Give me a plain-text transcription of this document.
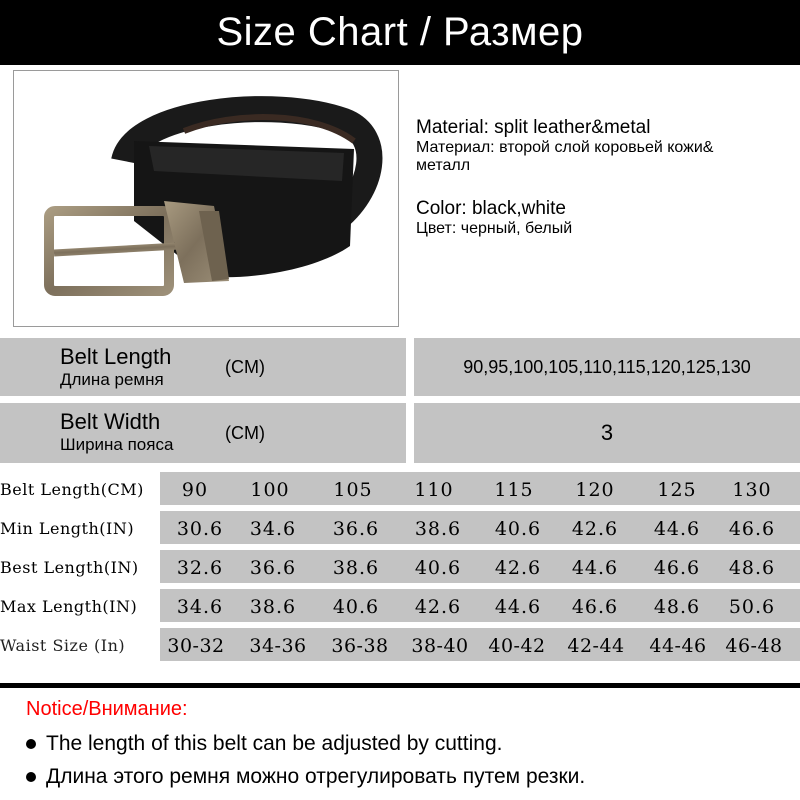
Size Chart / Размер
Material: split leather&metal
Материал: второй слой коровьей кожи&
металл
Color: black,white
Цвет: черный, белый
Belt Length
Длина ремня
(CM)	90,95,100,105,110,115,120,125,130
Belt Width
Ширина пояса
(CM)	3
Belt Length(CM)	90	100	105	110	115	120	125	130
Min Length(IN)	30.6	34.6	36.6	38.6	40.6	42.6	44.6	46.6
Best Length(IN)	32.6	36.6	38.6	40.6	42.6	44.6	46.6	48.6
Max Length(IN)	34.6	38.6	40.6	42.6	44.6	46.6	48.6	50.6
Waist Size (In)	30-32	34-36	36-38	38-40	40-42	42-44	44-46 46-48
Notice/Внимание:
The length of this belt can be adjusted by cutting.
Длина этого ремня можно отрегулировать путем резки.
